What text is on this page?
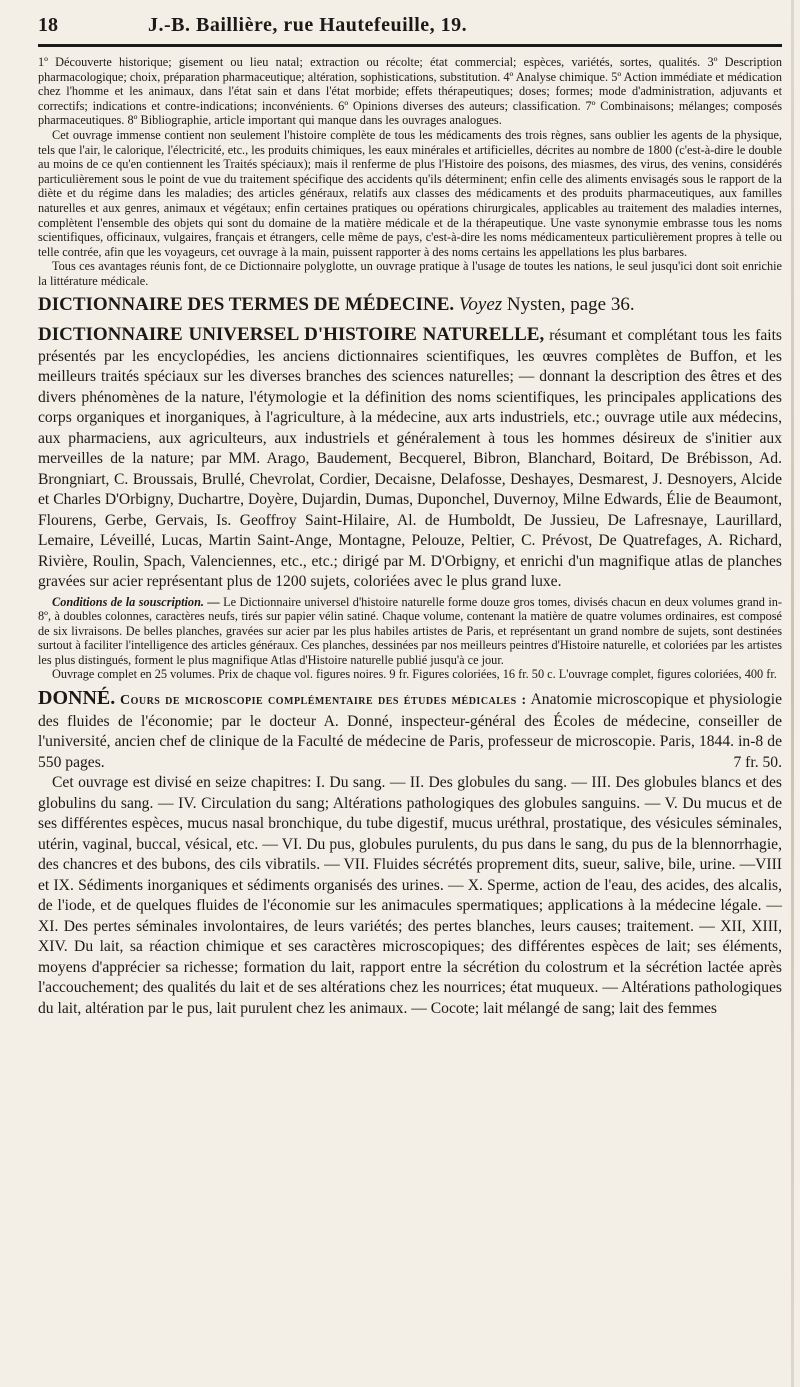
18	J.-B. Baillière, rue Hautefeuille, 19.

1º Découverte historique; gisement ou lieu natal; extraction ou récolte; état commercial; espèces, variétés, sortes, qualités. 3º Description pharmacologique; choix, préparation pharmaceutique; altération, sophistications, substitution. 4º Analyse chimique. 5º Action immédiate et médication chez l'homme et les animaux, dans l'état sain et dans l'état morbide; effets thérapeutiques; doses; formes; mode d'administration, adjuvants et correctifs; indications et contre-indications; inconvénients. 6º Opinions diverses des auteurs; classification. 7º Combinaisons; mélanges; composés pharmaceutiques. 8º Bibliographie, article important qui manque dans les ouvrages analogues.

Cet ouvrage immense contient non seulement l'histoire complète de tous les médicaments des trois règnes, sans oublier les agents de la physique, tels que l'air, le calorique, l'électricité, etc., les produits chimiques, les eaux minérales et artificielles, décrites au nombre de 1800 (c'est-à-dire le double au moins de ce qu'en contiennent les Traités spéciaux); mais il renferme de plus l'Histoire des poisons, des miasmes, des virus, des venins, considérés particulièrement sous le point de vue du traitement spécifique des accidents qu'ils déterminent; enfin celle des aliments envisagés sous le rapport de la diète et du régime dans les maladies; des articles généraux, relatifs aux classes des médicaments et des produits pharmaceutiques, aux familles naturelles et aux genres, animaux et végétaux; enfin certaines pratiques ou opérations chirurgicales, applicables au traitement des maladies internes, complètent l'ensemble des objets qui sont du domaine de la matière médicale et de la thérapeutique. Une vaste synonymie embrasse tous les noms scientifiques, officinaux, vulgaires, français et étrangers, celle même de pays, c'est-à-dire les noms médicamenteux particulièrement propres à telle ou telle contrée, afin que les voyageurs, cet ouvrage à la main, puissent rapporter à des noms certains les appellations les plus barbares.

Tous ces avantages réunis font, de ce Dictionnaire polyglotte, un ouvrage pratique à l'usage de toutes les nations, le seul jusqu'ici dont soit enrichie la littérature médicale.

DICTIONNAIRE DES TERMES DE MÉDECINE. Voyez Nysten, page 36.

DICTIONNAIRE UNIVERSEL D'HISTOIRE NATURELLE, résumant et complétant tous les faits présentés par les encyclopédies, les anciens dictionnaires scientifiques, les œuvres complètes de Buffon, et les meilleurs traités spéciaux sur les diverses branches des sciences naturelles; — donnant la description des êtres et des divers phénomènes de la nature, l'étymologie et la définition des noms scientifiques, les principales applications des corps organiques et inorganiques, à l'agriculture, à la médecine, aux arts industriels, etc.; ouvrage utile aux médecins, aux pharmaciens, aux agriculteurs, aux industriels et généralement à tous les hommes désireux de s'initier aux merveilles de la nature; par MM. Arago, Baudement, Becquerel, Bibron, Blanchard, Boitard, De Brébisson, Ad. Brongniart, C. Broussais, Brullé, Chevrolat, Cordier, Decaisne, Delafosse, Deshayes, Desmarest, J. Desnoyers, Alcide et Charles D'Orbigny, Duchartre, Doyère, Dujardin, Dumas, Duponchel, Duvernoy, Milne Edwards, Élie de Beaumont, Flourens, Gerbe, Gervais, Is. Geoffroy Saint-Hilaire, Al. de Humboldt, De Jussieu, De Lafresnaye, Laurillard, Lemaire, Léveillé, Lucas, Martin Saint-Ange, Montagne, Pelouze, Peltier, C. Prévost, De Quatrefages, A. Richard, Rivière, Roulin, Spach, Valenciennes, etc., etc.; dirigé par M. D'Orbigny, et enrichi d'un magnifique atlas de planches gravées sur acier représentant plus de 1200 sujets, coloriées avec le plus grand luxe.

Conditions de la souscription. — Le Dictionnaire universel d'histoire naturelle forme douze gros tomes, divisés chacun en deux volumes grand in-8º, à doubles colonnes, caractères neufs, tirés sur papier vélin satiné. Chaque volume, contenant la matière de quatre volumes ordinaires, est composé de six livraisons. De belles planches, gravées sur acier par les plus habiles artistes de Paris, et représentant un grand nombre de sujets, sont destinées surtout à faciliter l'intelligence des articles généraux. Ces planches, dessinées par nos meilleurs peintres d'Histoire naturelle, et coloriées par les artistes les plus distingués, forment le plus magnifique Atlas d'Histoire naturelle publié jusqu'à ce jour.

Ouvrage complet en 25 volumes. Prix de chaque vol. figures noires. 9 fr. Figures coloriées, 16 fr. 50 c. L'ouvrage complet, figures coloriées, 400 fr.

DONNÉ. Cours de microscopie complémentaire des études médicales : Anatomie microscopique et physiologie des fluides de l'économie; par le docteur A. Donné, inspecteur-général des Écoles de médecine, conseiller de l'université, ancien chef de clinique de la Faculté de médecine de Paris, professeur de microscopie. Paris, 1844. in-8 de 550 pages.	7 fr. 50.

Cet ouvrage est divisé en seize chapitres: I. Du sang. — II. Des globules du sang. — III. Des globules blancs et des globulins du sang. — IV. Circulation du sang; Altérations pathologiques des globules sanguins. — V. Du mucus et de ses différentes espèces, mucus nasal bronchique, du tube digestif, mucus uréthral, prostatique, des vésicules séminales, utérin, vaginal, buccal, vésical, etc. — VI. Du pus, globules purulents, du pus dans le sang, du pus de la blennorrhagie, des chancres et des bubons, des cils vibratils. — VII. Fluides sécrétés proprement dits, sueur, salive, bile, urine. —VIII et IX. Sédiments inorganiques et sédiments organisés des urines. — X. Sperme, action de l'eau, des acides, des alcalis, de l'iode, et de quelques fluides de l'économie sur les animacules spermatiques; applications à la médecine légale. — XI. Des pertes séminales involontaires, de leurs variétés; des pertes blanches, leurs causes; traitement. — XII, XIII, XIV. Du lait, sa réaction chimique et ses caractères microscopiques; des différentes espèces de lait; ses éléments, moyens d'apprécier sa richesse; formation du lait, rapport entre la sécrétion du colostrum et la sécrétion lactée après l'accouchement; des qualités du lait et de ses altérations chez les nourrices; état muqueux. — Altérations pathologiques du lait, altération par le pus, lait purulent chez les animaux. — Cocote; lait mélangé de sang; lait des femmes
